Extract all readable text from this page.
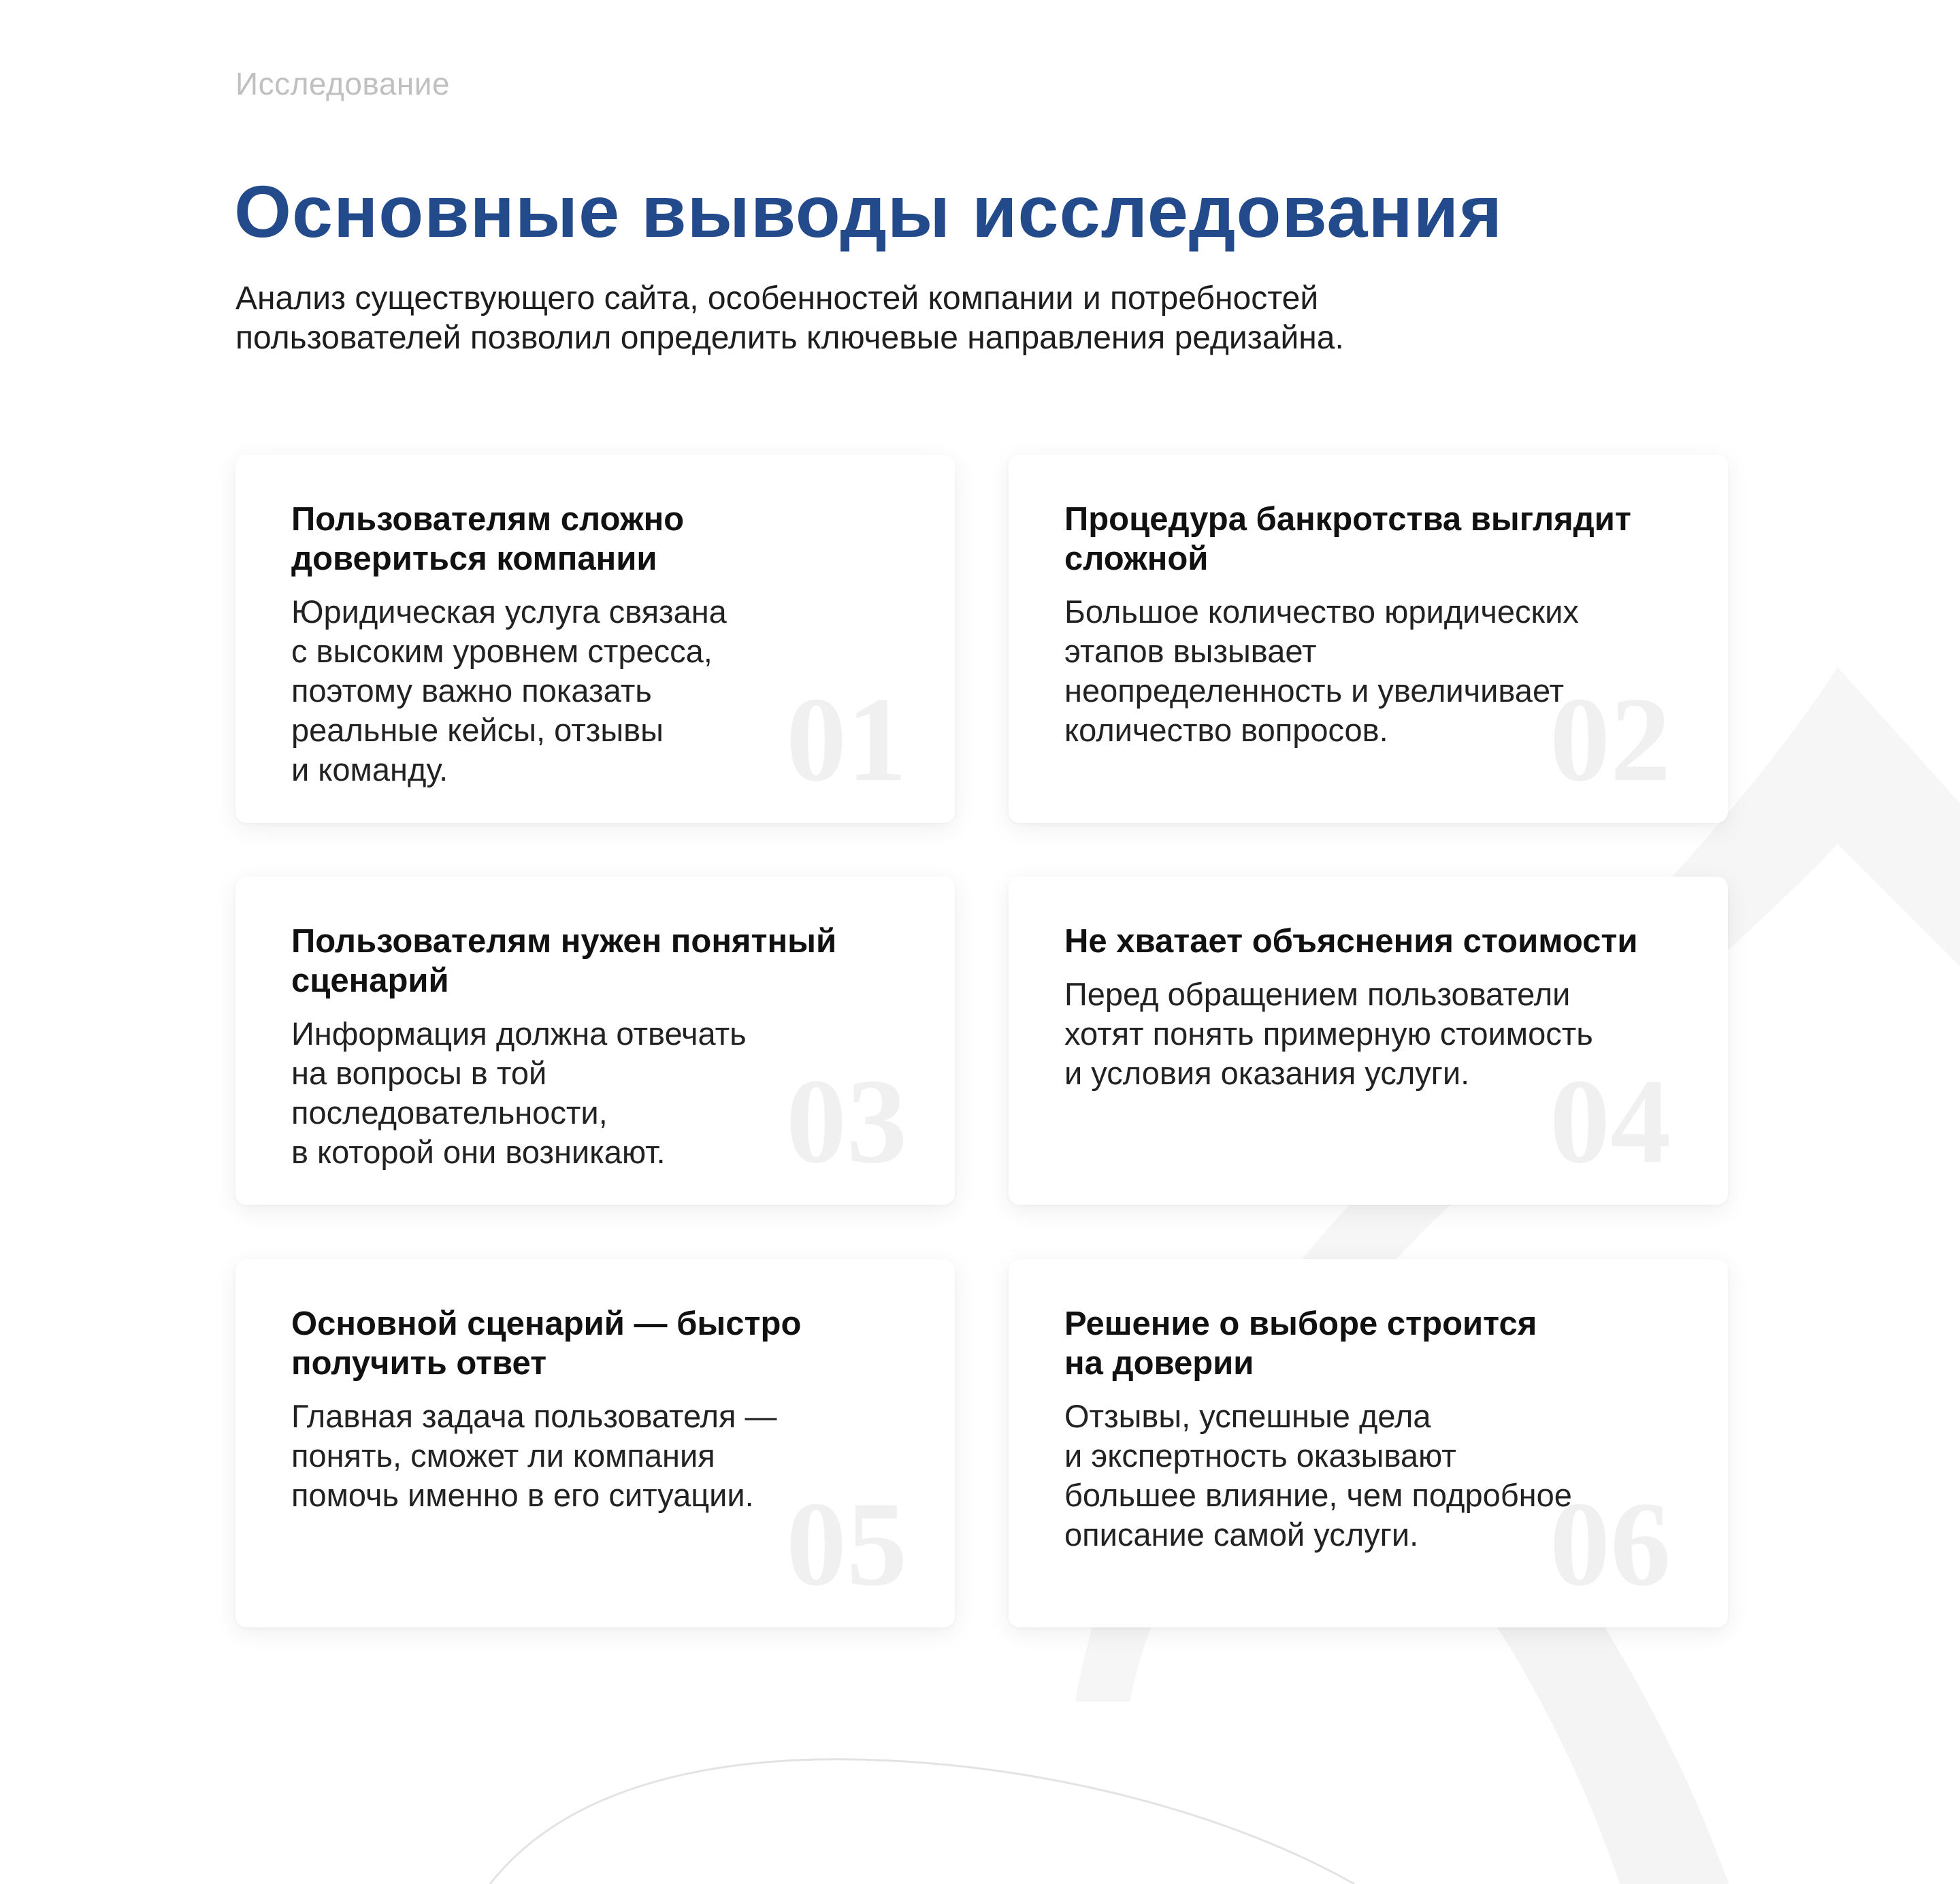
Исследование
Основные выводы исследования

Анализ существующего сайта, особенностей компании и потребностей
пользователей позволил определить ключевые направления редизайна.

01
Пользователям сложно
довериться компании
Юридическая услуга связана
с высоким уровнем стресса,
поэтому важно показать
реальные кейсы, отзывы
и команду.	02
Процедура банкротства выглядит
сложной
Большое количество юридических
этапов вызывает
неопределенность и увеличивает
количество вопросов.
03
Пользователям нужен понятный
сценарий
Информация должна отвечать
на вопросы в той
последовательности,
в которой они возникают.	04
Не хватает объяснения стоимости
Перед обращением пользователи
хотят понять примерную стоимость
и условия оказания услуги.
05
Основной сценарий — быстро
получить ответ
Главная задача пользователя —
понять, сможет ли компания
помочь именно в его ситуации.	06
Решение о выборе строится
на доверии
Отзывы, успешные дела
и экспертность оказывают
большее влияние, чем подробное
описание самой услуги.
